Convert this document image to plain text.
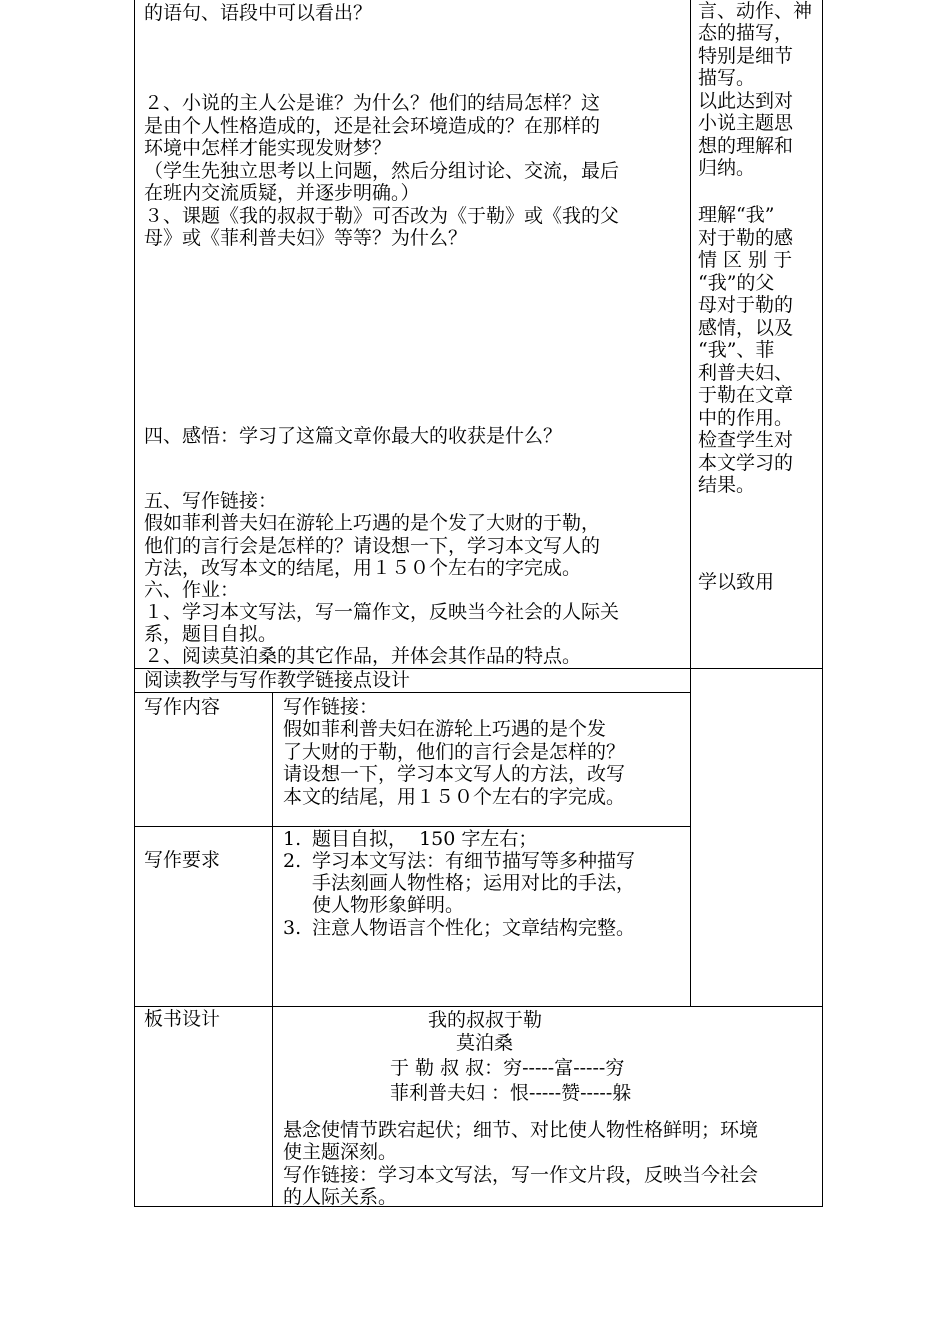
的语句、语段中可以看出？
２、小说的主人公是谁？为什么？他们的结局怎样？这
是由个人性格造成的，还是社会环境造成的？在那样的
环境中怎样才能实现发财梦？
（学生先独立思考以上问题，然后分组讨论、交流，最后
在班内交流质疑，并逐步明确。）
３、课题《我的叔叔于勒》可否改为《于勒》或《我的父
母》或《菲利普夫妇》等等？为什么？
四、感悟：学习了这篇文章你最大的收获是什么？
五、写作链接：
假如菲利普夫妇在游轮上巧遇的是个发了大财的于勒，
他们的言行会是怎样的？请设想一下，学习本文写人的
方法，改写本文的结尾，用１５０个左右的字完成。
六、作业：
１、学习本文写法，写一篇作文，反映当今社会的人际关
系，题目自拟。
２、阅读莫泊桑的其它作品，并体会其作品的特点。
言、动作、神
态的描写，
特别是细节
描写。
以此达到对
小说主题思
想的理解和
归纳。
理解“我”
对于勒的感
情 区 别 于
“我”的父
母对于勒的
感情，以及
“我”、菲
利普夫妇、
于勒在文章
中的作用。
检查学生对
本文学习的
结果。
学以致用
阅读教学与写作教学链接点设计
写作内容	写作链接：
假如菲利普夫妇在游轮上巧遇的是个发
了大财的于勒，他们的言行会是怎样的？
请设想一下，学习本文写人的方法，改写
本文的结尾，用１５０个左右的字完成。
写作要求
1. 题目自拟，  150 字左右；
2. 学习本文写法：有细节描写等多种描写
手法刻画人物性格；运用对比的手法，
使人物形象鲜明。
3. 注意人物语言个性化；文章结构完整。
板书设计	我的叔叔于勒
莫泊桑
于 勒 叔 叔：穷-----富-----穷
菲利普夫妇 ：恨-----赞-----躲
悬念使情节跌宕起伏；细节、对比使人物性格鲜明；环境
使主题深刻。
写作链接：学习本文写法，写一作文片段，反映当今社会
的人际关系。
